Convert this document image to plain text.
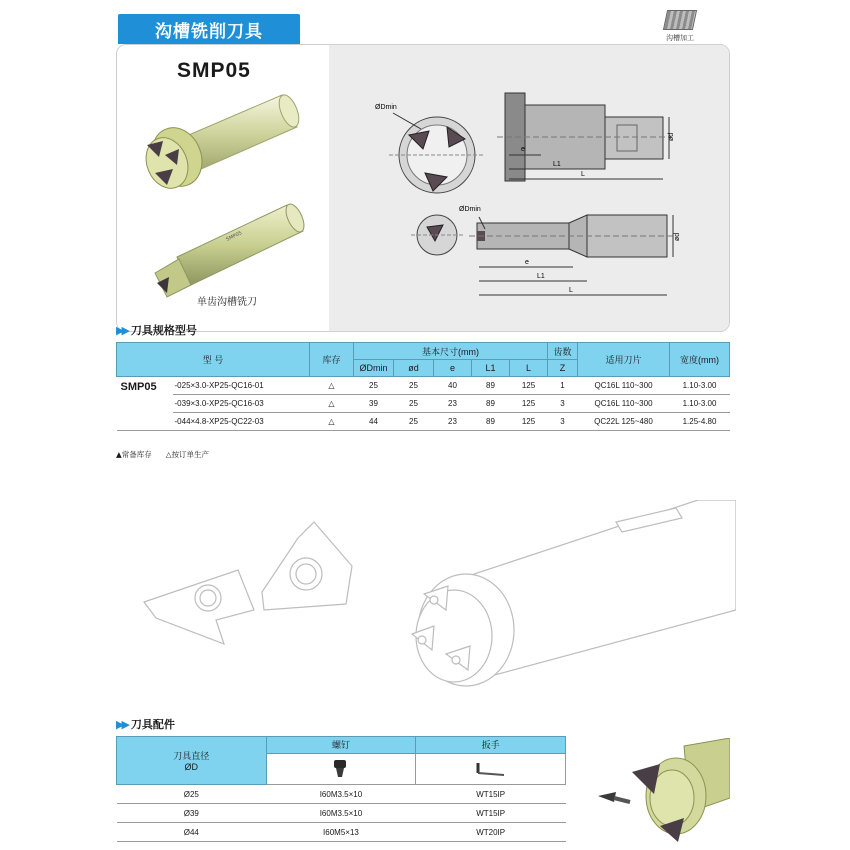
沟槽铣削刀具	沟槽加工
SMP05
SMP05
单齿沟槽铣刀
ØDmin
ød
e
L1
L
ØDmin
ød
e
L1
L
▶▶ 刀具规格型号
型 号		库存	基本尺寸(mm)					齿数	适用刀片	宽度(mm)
			ØDmin	ød	e	L1	L	Z		
SMP05	-025×3.0-XP25-QC16-01	△	25	25	40	89	125	1	QC16L 110~300	1.10-3.00
	-039×3.0-XP25-QC16-03	△	39	25	23	89	125	3	QC16L 110~300	1.10-3.00
	-044×4.8-XP25-QC22-03	△	44	25	23	89	125	3	QC22L 125~480	1.25-4.80
▲常备库存 △按订单生产
▶▶ 刀具配件
刀具直径
ØD	螺钉	扳手

Ø25	I60M3.5×10	WT15IP
Ø39	I60M3.5×10	WT15IP
Ø44	I60M5×13	WT20IP
